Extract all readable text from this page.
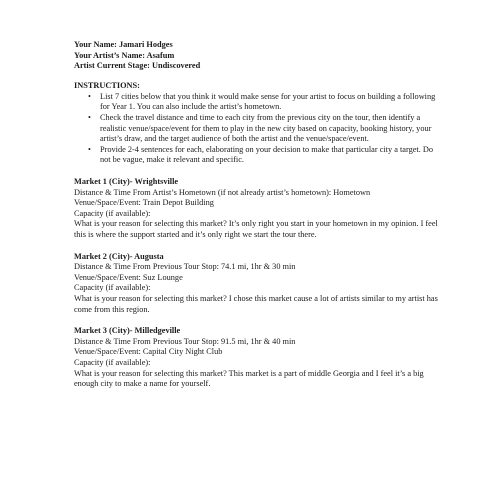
Your Name: Jamari Hodges
Your Artist’s Name: Asafum
Artist Current Stage: Undiscovered
INSTRUCTIONS:
• List 7 cities below that you think it would make sense for your artist to focus on building a following for Year 1. You can also include the artist’s hometown.
• Check the travel distance and time to each city from the previous city on the tour, then identify a realistic venue/space/event for them to play in the new city based on capacity, booking history, your artist’s draw, and the target audience of both the artist and the venue/space/event.
• Provide 2-4 sentences for each, elaborating on your decision to make that particular city a target. Do not be vague, make it relevant and specific.
Market 1 (City)- Wrightsville
Distance & Time From Artist’s Hometown (if not already artist’s hometown): Hometown
Venue/Space/Event: Train Depot Building
Capacity (if available):
What is your reason for selecting this market? It’s only right you start in your hometown in my opinion. I feel this is where the support started and it’s only right we start the tour there.
Market 2 (City)- Augusta
Distance & Time From Previous Tour Stop: 74.1 mi, 1hr & 30 min
Venue/Space/Event: Suz Lounge
Capacity (if available):
What is your reason for selecting this market? I chose this market cause a lot of artists similar to my artist has come from this region.
Market 3 (City)- Milledgeville
Distance & Time From Previous Tour Stop: 91.5 mi, 1hr & 40 min
Venue/Space/Event: Capital City Night Club
Capacity (if available):
What is your reason for selecting this market? This market is a part of middle Georgia and I feel it’s a big enough city to make a name for yourself.
